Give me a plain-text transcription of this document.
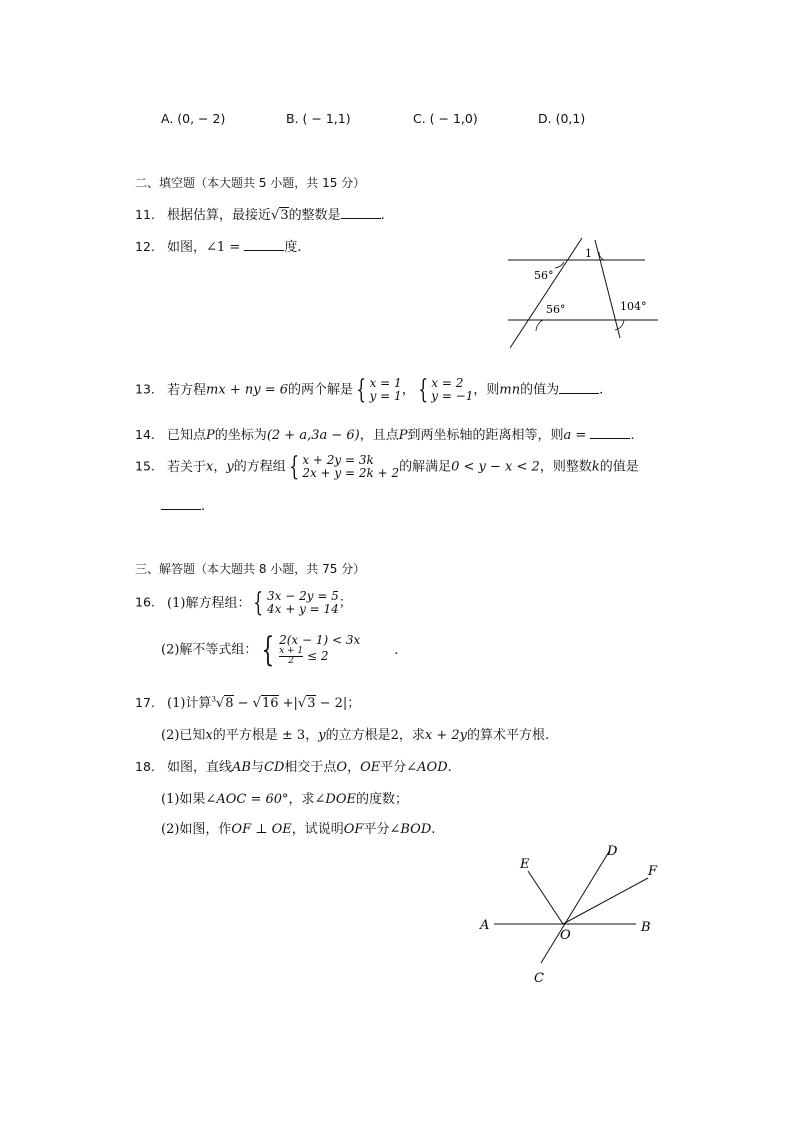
A. (0, − 2)	B. ( − 1,1)	C. ( − 1,0)	D. (0,1)
二、填空题（本大题共 5 小题，共 15 分）
11. 根据估算，最接近√3的整数是	.
12. 如图，∠1 =	度.	1
56°
56°	104°
13. 若方程mx + ny = 6的两个解是 { x = 1
y = 1 ， { x = 2
y = −1 ，则mn的值为	.
14. 已知点P的坐标为(2 + a,3a − 6)，且点P到两坐标轴的距离相等，则a =	.
15. 若关于x，y的方程组 { x + 2y = 3k
2x + y = 2k + 2 的解满足0 < y − x < 2，则整数k的值是
.
三、解答题（本大题共 8 小题，共 75 分）
16. (1)解方程组： { 3x − 2y = 5
4x + y = 14 ；
(2)解不等式组： { 2(x − 1) < 3x
$\frac{x + 1}{2} \le 2$	.
17. (1)计算$^3$√8 − √16 +|√3 − 2|；
(2)已知x的平方根是 ± 3，y的立方根是2，求x + 2y的算术平方根.
18. 如图，直线AB与CD相交于点O，OE平分∠AOD.
(1)如果∠AOC = 60°，求∠DOE的度数；
(2)如图，作OF ⊥ OE，试说明OF平分∠BOD.
A	B
C
D
E	F
O
